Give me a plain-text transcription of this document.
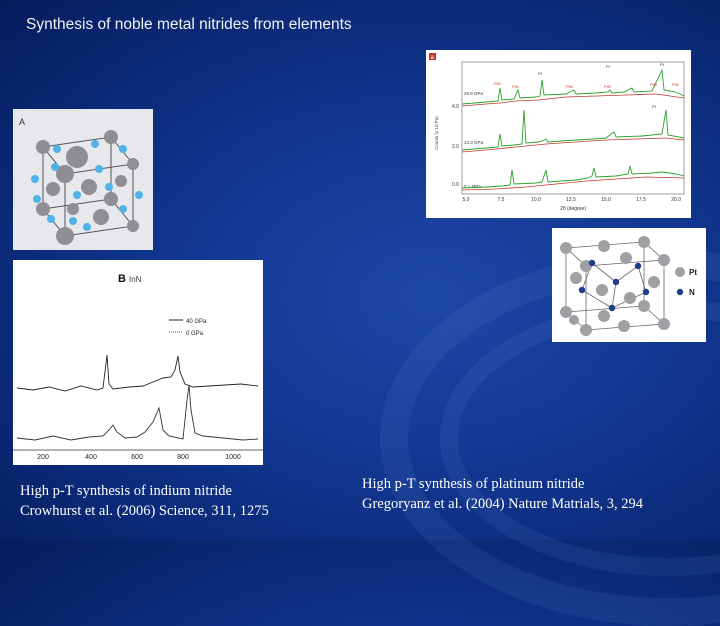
Synthesis of noble metal nitrides from elements
A
B InN
40 GPa
0 GPa
200	400	600	800	1000
a
Counts (x 10 Pa)
4.0
2.0
0.0
29.9 GPa
13.3 GPa
0.1 MPa
PtN
PtN	PtN	PtN	PtN	PtN
Pt
Pt	Pt
Pt
5.0	7.5	10.0	12.5	15.0	17.5	20.0
2θ (degree)
Pt
N
High p-T synthesis of indium nitride
Crowhurst et al. (2006) Science, 311, 1275
High p-T synthesis of platinum nitride
Gregoryanz et al. (2004) Nature Matrials, 3, 294
